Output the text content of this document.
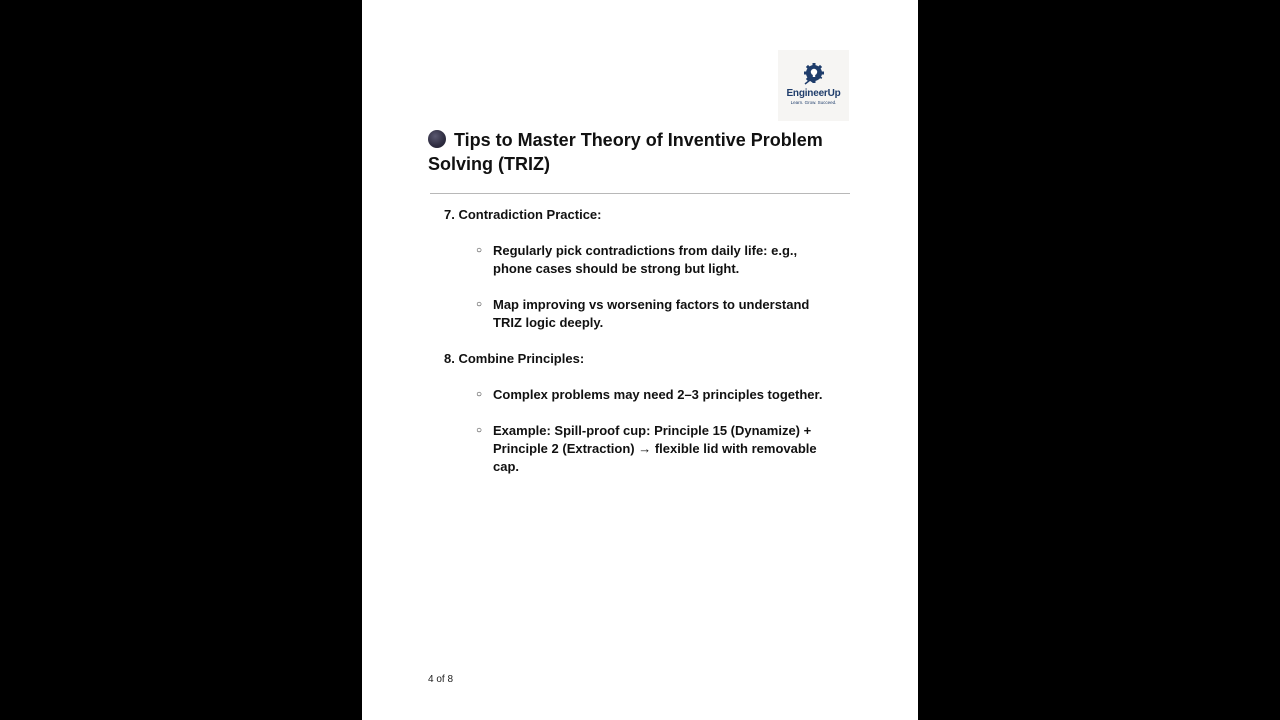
EngineerUp
Learn. Grow. Succeed.
Tips to Master Theory of Inventive Problem Solving (TRIZ)
7. Contradiction Practice:
○ Regularly pick contradictions from daily life: e.g., phone cases should be strong but light.
○ Map improving vs worsening factors to understand TRIZ logic deeply.
8. Combine Principles:
○ Complex problems may need 2–3 principles together.
○ Example: Spill-proof cup: Principle 15 (Dynamize) + Principle 2 (Extraction) → flexible lid with removable cap.
4 of 8
